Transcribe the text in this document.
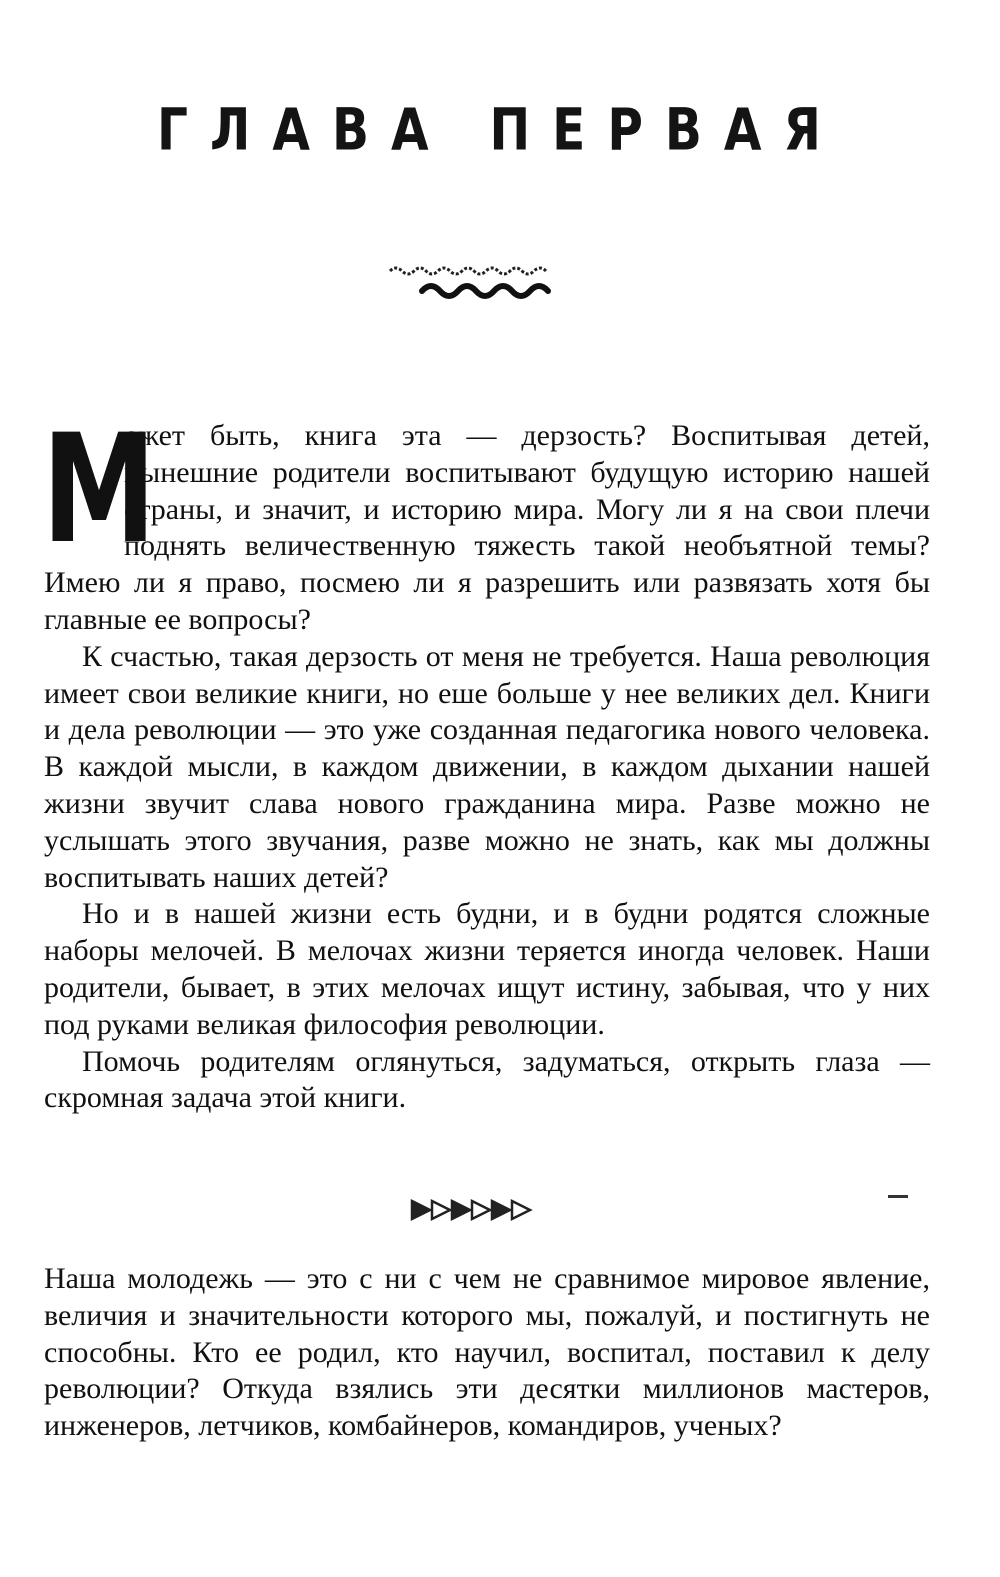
ГЛАВА ПЕРВАЯ
М

ожет быть, книга эта — дерзость? Воспитывая детей, нынешние родители воспитывают будущую историю нашей страны, и значит, и историю мира. Могу ли я на свои плечи поднять величественную тяжесть такой необъятной темы? Имею ли я право, посмею ли я разрешить или развязать хотя бы главные ее вопросы?

К счастью, такая дерзость от меня не требуется. Наша революция имеет свои великие книги, но еше больше у нее великих дел. Книги и дела революции — это уже созданная педагогика нового человека. В каждой мысли, в каждом движении, в каждом дыхании нашей жизни звучит слава нового гражданина мира. Разве можно не услышать этого звучания, разве можно не знать, как мы должны воспитывать наших детей?

Но и в нашей жизни есть будни, и в будни родятся сложные наборы мелочей. В мелочах жизни теряется иногда человек. Наши родители, бывает, в этих мелочах ищут истину, забывая, что у них под руками великая философия революции.

Помочь родителям оглянуться, задуматься, открыть глаза — скромная задача этой книги.

Наша молодежь — это с ни с чем не сравнимое мировое явление, величия и значительности которого мы, пожалуй, и постигнуть не способны. Кто ее родил, кто научил, воспитал, поставил к делу революции? Откуда взялись эти десятки миллионов мастеров, инженеров, летчиков, комбайнеров, командиров, ученых?
